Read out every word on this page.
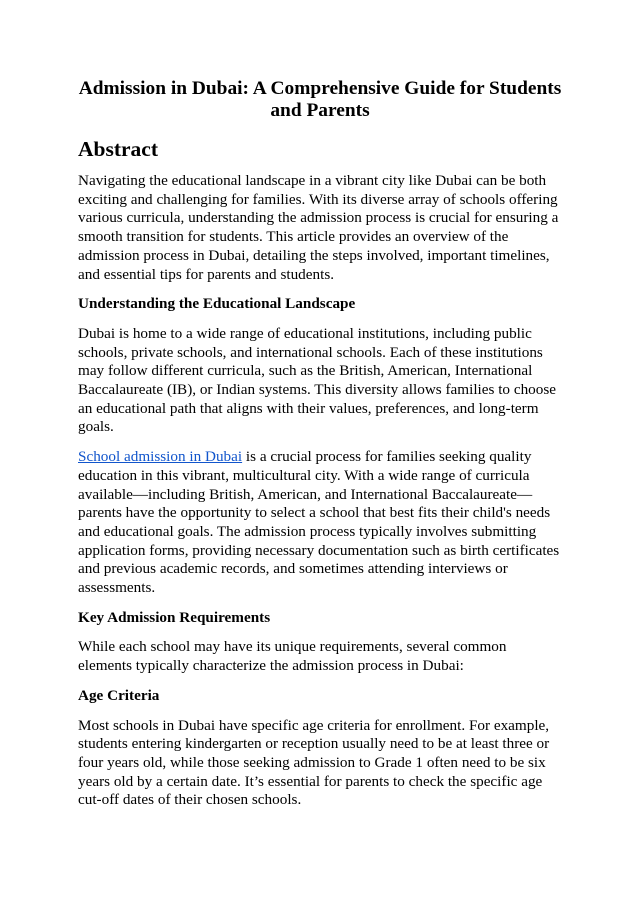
Admission in Dubai: A Comprehensive Guide for Students and Parents
Abstract

Navigating the educational landscape in a vibrant city like Dubai can be both exciting and challenging for families. With its diverse array of schools offering various curricula, understanding the admission process is crucial for ensuring a smooth transition for students. This article provides an overview of the admission process in Dubai, detailing the steps involved, important timelines, and essential tips for parents and students.

Understanding the Educational Landscape

Dubai is home to a wide range of educational institutions, including public schools, private schools, and international schools. Each of these institutions may follow different curricula, such as the British, American, International Baccalaureate (IB), or Indian systems. This diversity allows families to choose an educational path that aligns with their values, preferences, and long-term goals.

School admission in Dubai is a crucial process for families seeking quality education in this vibrant, multicultural city. With a wide range of curricula available—including British, American, and International Baccalaureate—parents have the opportunity to select a school that best fits their child's needs and educational goals. The admission process typically involves submitting application forms, providing necessary documentation such as birth certificates and previous academic records, and sometimes attending interviews or assessments.

Key Admission Requirements

While each school may have its unique requirements, several common elements typically characterize the admission process in Dubai:

Age Criteria

Most schools in Dubai have specific age criteria for enrollment. For example, students entering kindergarten or reception usually need to be at least three or four years old, while those seeking admission to Grade 1 often need to be six years old by a certain date. It’s essential for parents to check the specific age cut-off dates of their chosen schools.
